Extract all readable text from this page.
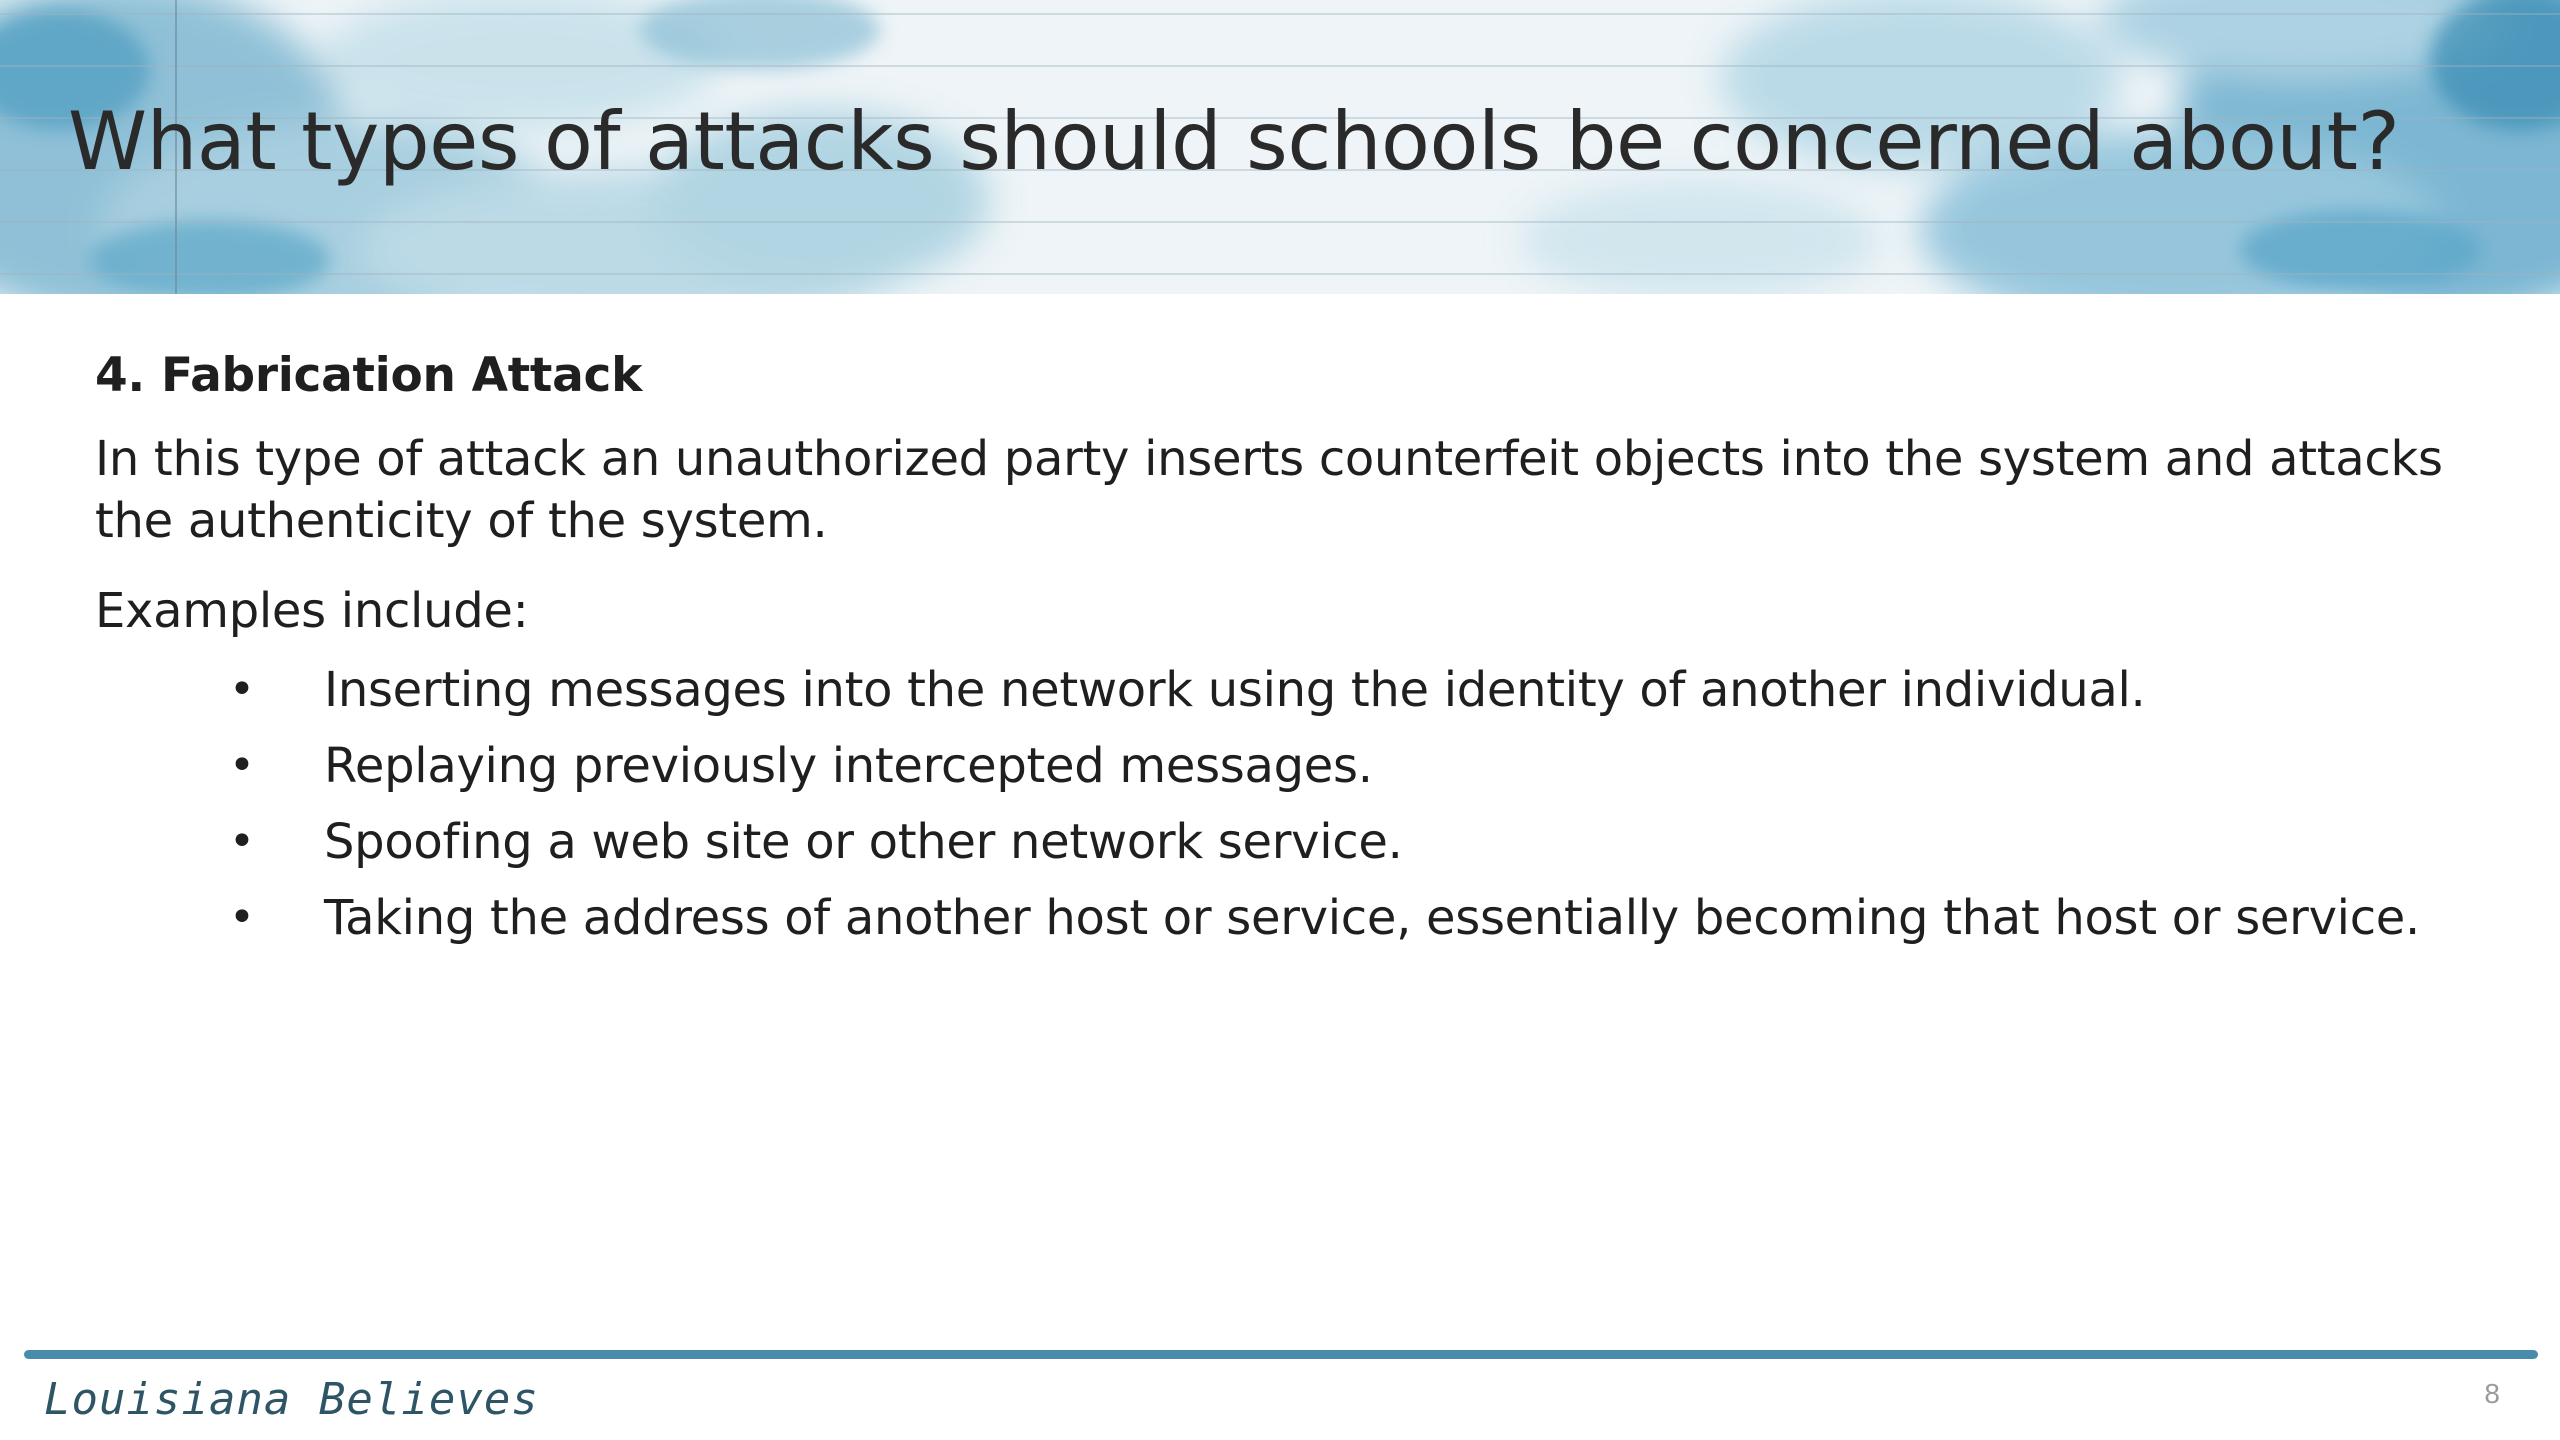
What types of attacks should schools be concerned about?
4. Fabrication Attack
In this type of attack an unauthorized party inserts counterfeit objects into the system and attacks the authenticity of the system.
Examples include:
• Inserting messages into the network using the identity of another individual.
• Replaying previously intercepted messages.
• Spoofing a web site or other network service.
• Taking the address of another host or service, essentially becoming that host or service.
Louisiana Believes	8
